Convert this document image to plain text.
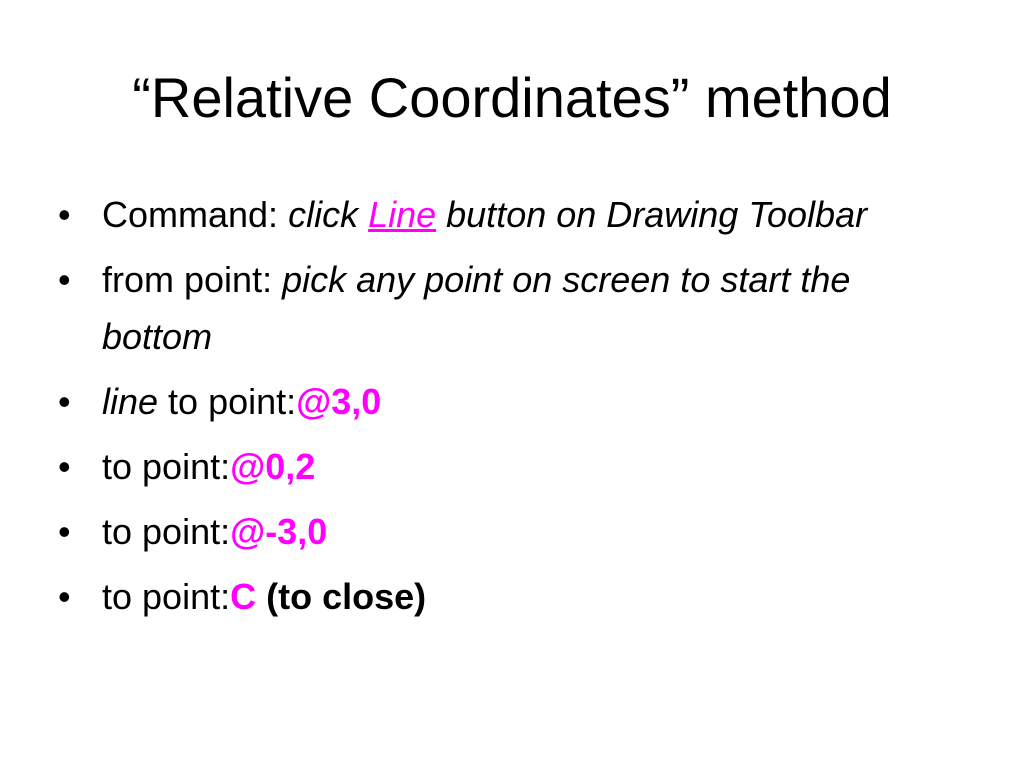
“Relative Coordinates” method
• Command: click Line button on Drawing Toolbar
• from point: pick any point on screen to start the bottom
• line to point:@3,0
• to point:@0,2
• to point:@-3,0
• to point:C (to close)
